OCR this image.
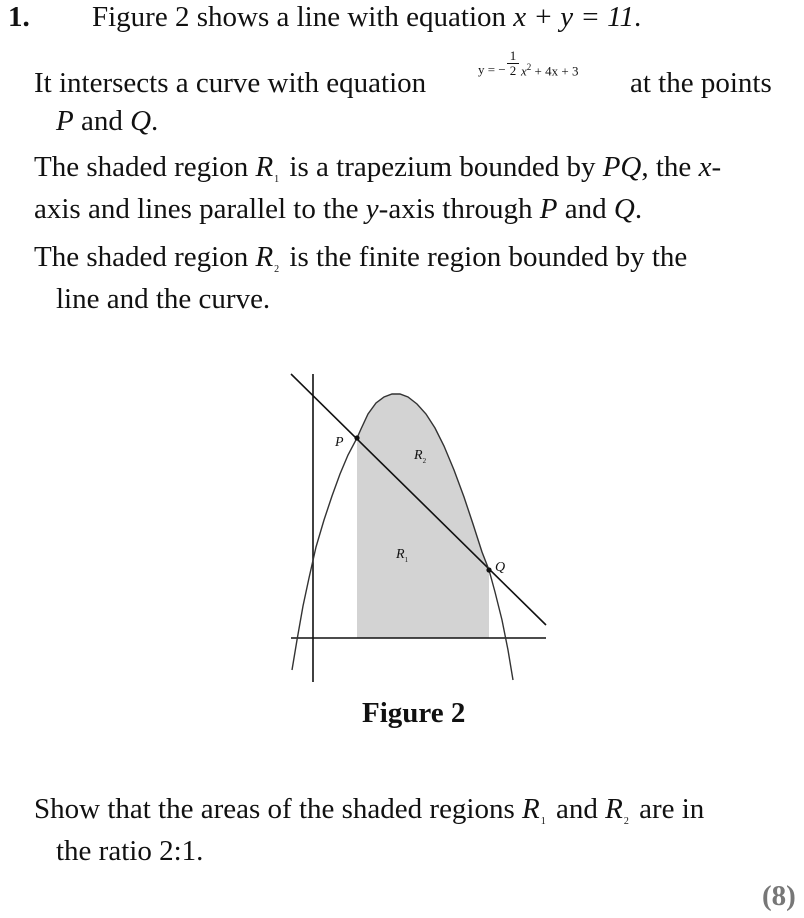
1. Figure 2 shows a line with equation x + y = 11.
It intersects a curve with equation	y = −
1
2 $x^2 + 4x + 3$ at the points
P and Q.
The shaded region $R_1$ is a trapezium bounded by PQ, the x-
axis and lines parallel to the y-axis through P and Q.
The shaded region $R_2$ is the finite region bounded by the
line and the curve.
P
Q
$R_2$
$R_1$
Figure 2
Show that the areas of the shaded regions $R_1$ and $R_2$ are in
the ratio 2:1.
(8)
